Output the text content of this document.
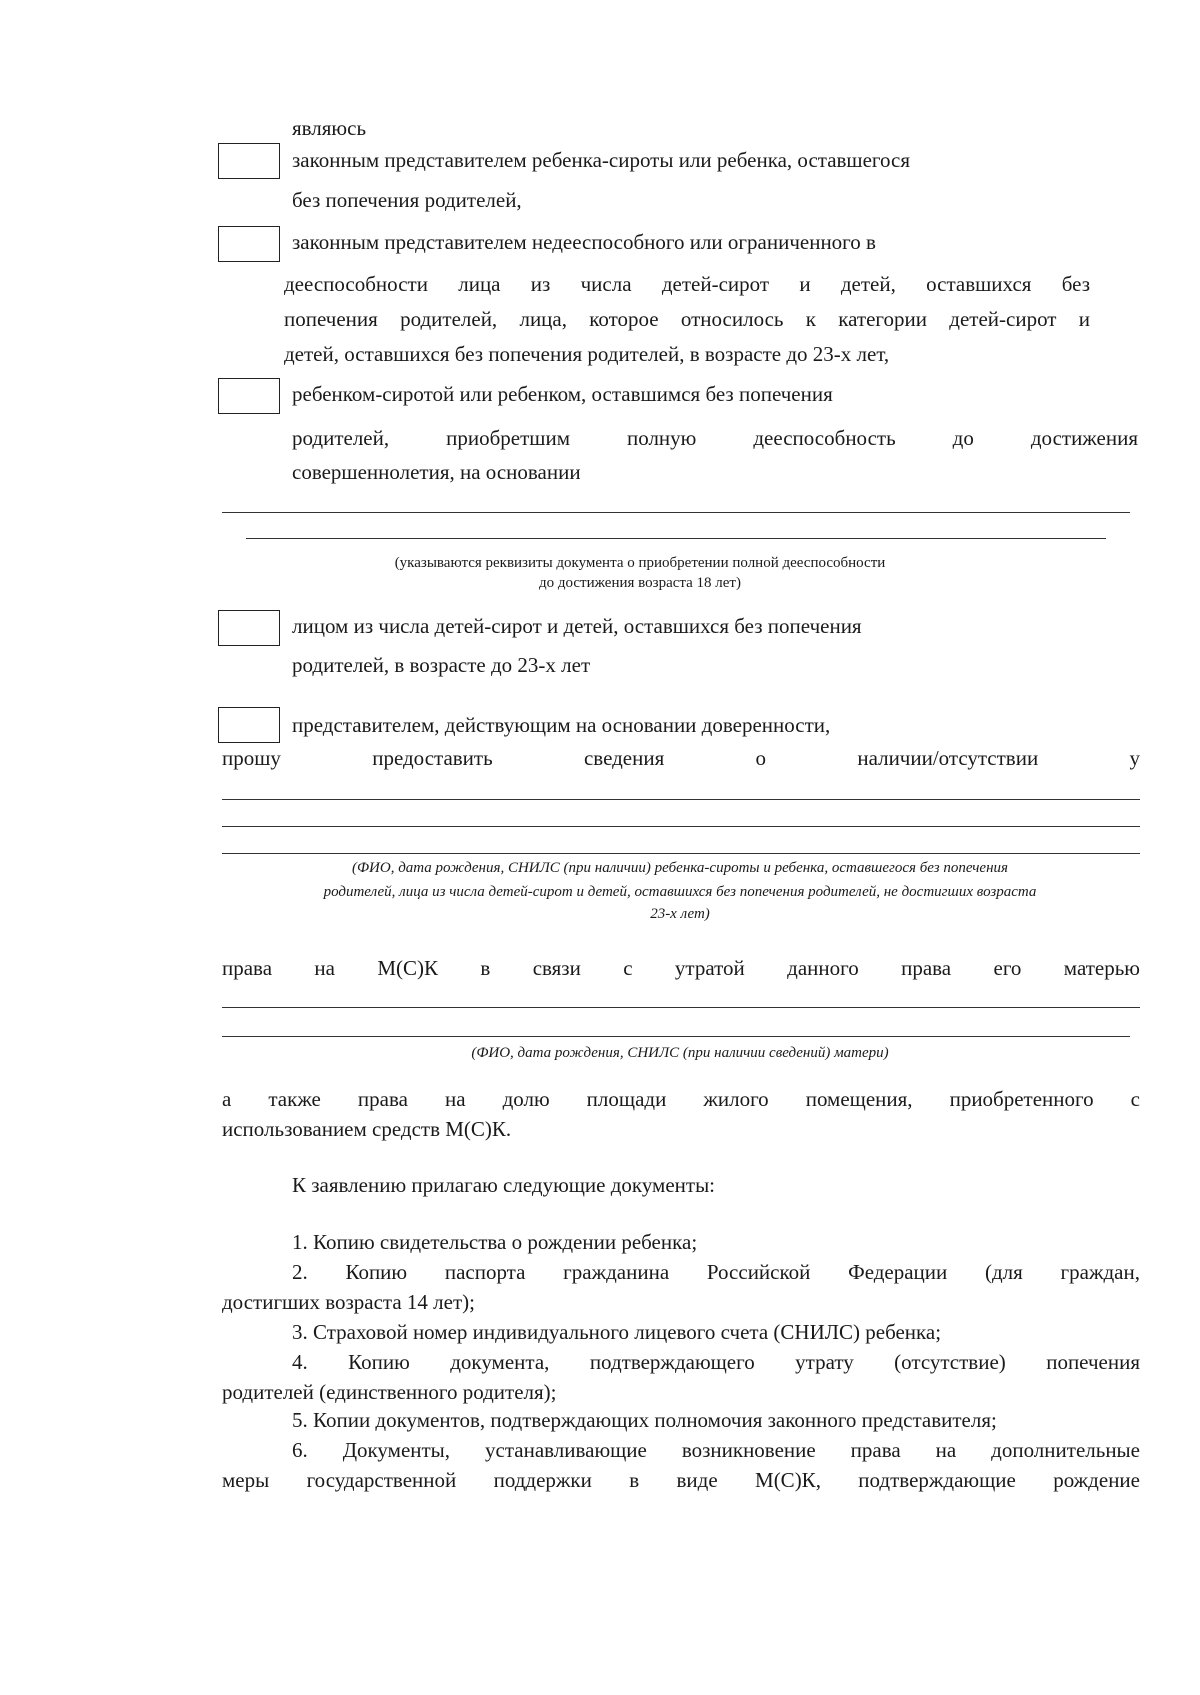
являюсь
законным представителем ребенка-сироты или ребенка, оставшегося
без попечения родителей,
законным представителем недееспособного или ограниченного в
дееспособности лица из числа детей-сирот и детей, оставшихся без
попечения родителей, лица, которое относилось к категории детей-сирот и
детей, оставшихся без попечения родителей, в возрасте до 23-х лет,
ребенком-сиротой или ребенком, оставшимся без попечения
родителей, приобретшим полную дееспособность до достижения
совершеннолетия, на основании
(указываются реквизиты документа о приобретении полной дееспособности
до достижения возраста 18 лет)
лицом из числа детей-сирот и детей, оставшихся без попечения
родителей, в возрасте до 23-х лет
представителем, действующим на основании доверенности,
прошу предоставить сведения о наличии/отсутствии у
(ФИО, дата рождения, СНИЛС (при наличии) ребенка-сироты и ребенка, оставшегося без попечения
родителей, лица из числа детей-сирот и детей, оставшихся без попечения родителей, не достигших возраста
23-х лет)
права на М(С)К в связи с утратой данного права его матерью
(ФИО, дата рождения, СНИЛС (при наличии сведений) матери)
а также права на долю площади жилого помещения, приобретенного с
использованием средств М(С)К.
К заявлению прилагаю следующие документы:
1. Копию свидетельства о рождении ребенка;
2. Копию паспорта гражданина Российской Федерации (для граждан,
достигших возраста 14 лет);
3. Страховой номер индивидуального лицевого счета (СНИЛС) ребенка;
4. Копию документа, подтверждающего утрату (отсутствие) попечения
родителей (единственного родителя);
5. Копии документов, подтверждающих полномочия законного представителя;
6. Документы, устанавливающие возникновение права на дополнительные
меры государственной поддержки в виде М(С)К, подтверждающие рождение
